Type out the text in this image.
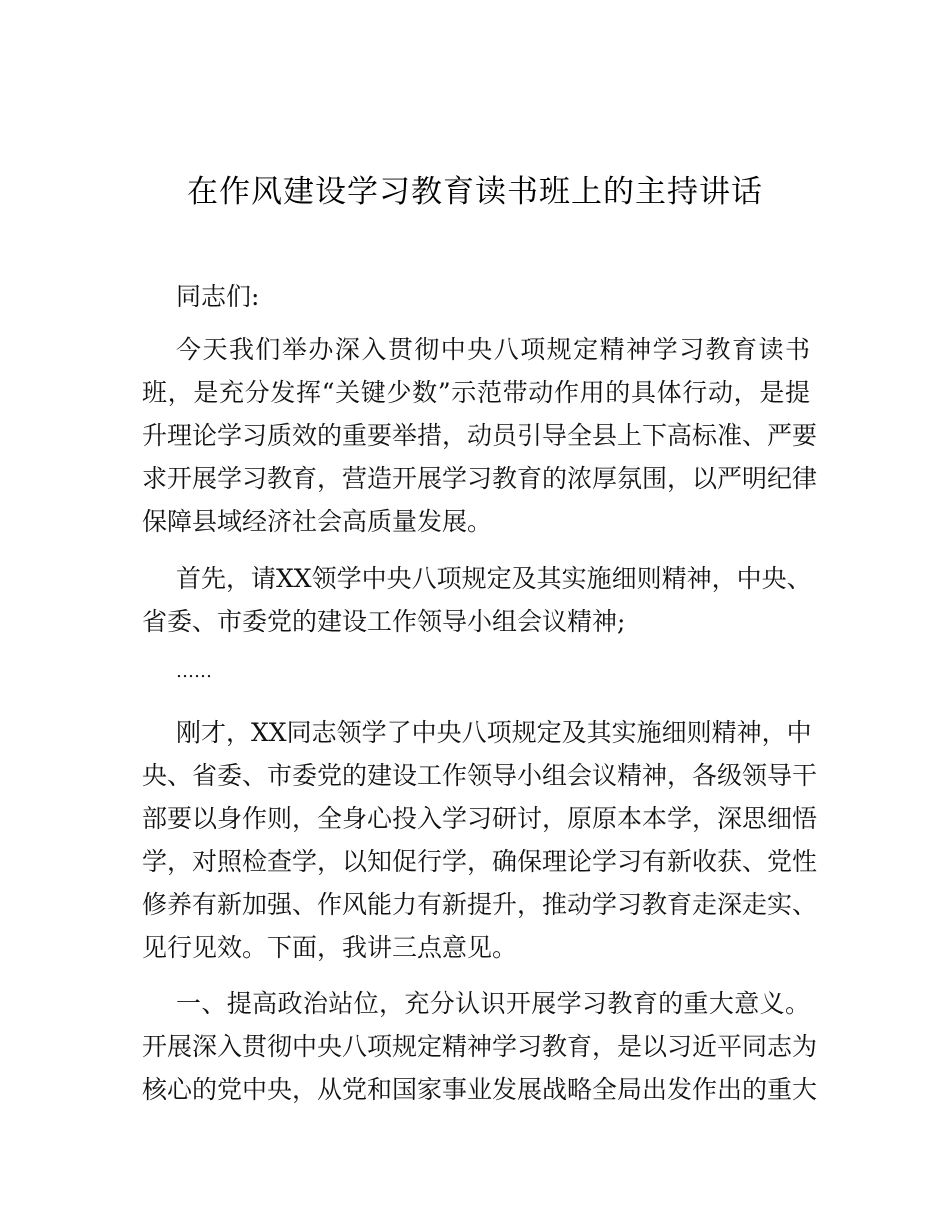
在作风建设学习教育读书班上的主持讲话
同志们:
今天我们举办深入贯彻中央八项规定精神学习教育读书
班，是充分发挥“关键少数”示范带动作用的具体行动，是提
升理论学习质效的重要举措，动员引导全县上下高标准、严要
求开展学习教育，营造开展学习教育的浓厚氛围，以严明纪律
保障县域经济社会高质量发展。
首先，请XX领学中央八项规定及其实施细则精神，中央、
省委、市委党的建设工作领导小组会议精神;
……
刚才，XX同志领学了中央八项规定及其实施细则精神，中
央、省委、市委党的建设工作领导小组会议精神，各级领导干
部要以身作则，全身心投入学习研讨，原原本本学，深思细悟
学，对照检查学，以知促行学，确保理论学习有新收获、党性
修养有新加强、作风能力有新提升，推动学习教育走深走实、
见行见效。下面，我讲三点意见。
一、提高政治站位，充分认识开展学习教育的重大意义。
开展深入贯彻中央八项规定精神学习教育，是以习近平同志为
核心的党中央，从党和国家事业发展战略全局出发作出的重大
